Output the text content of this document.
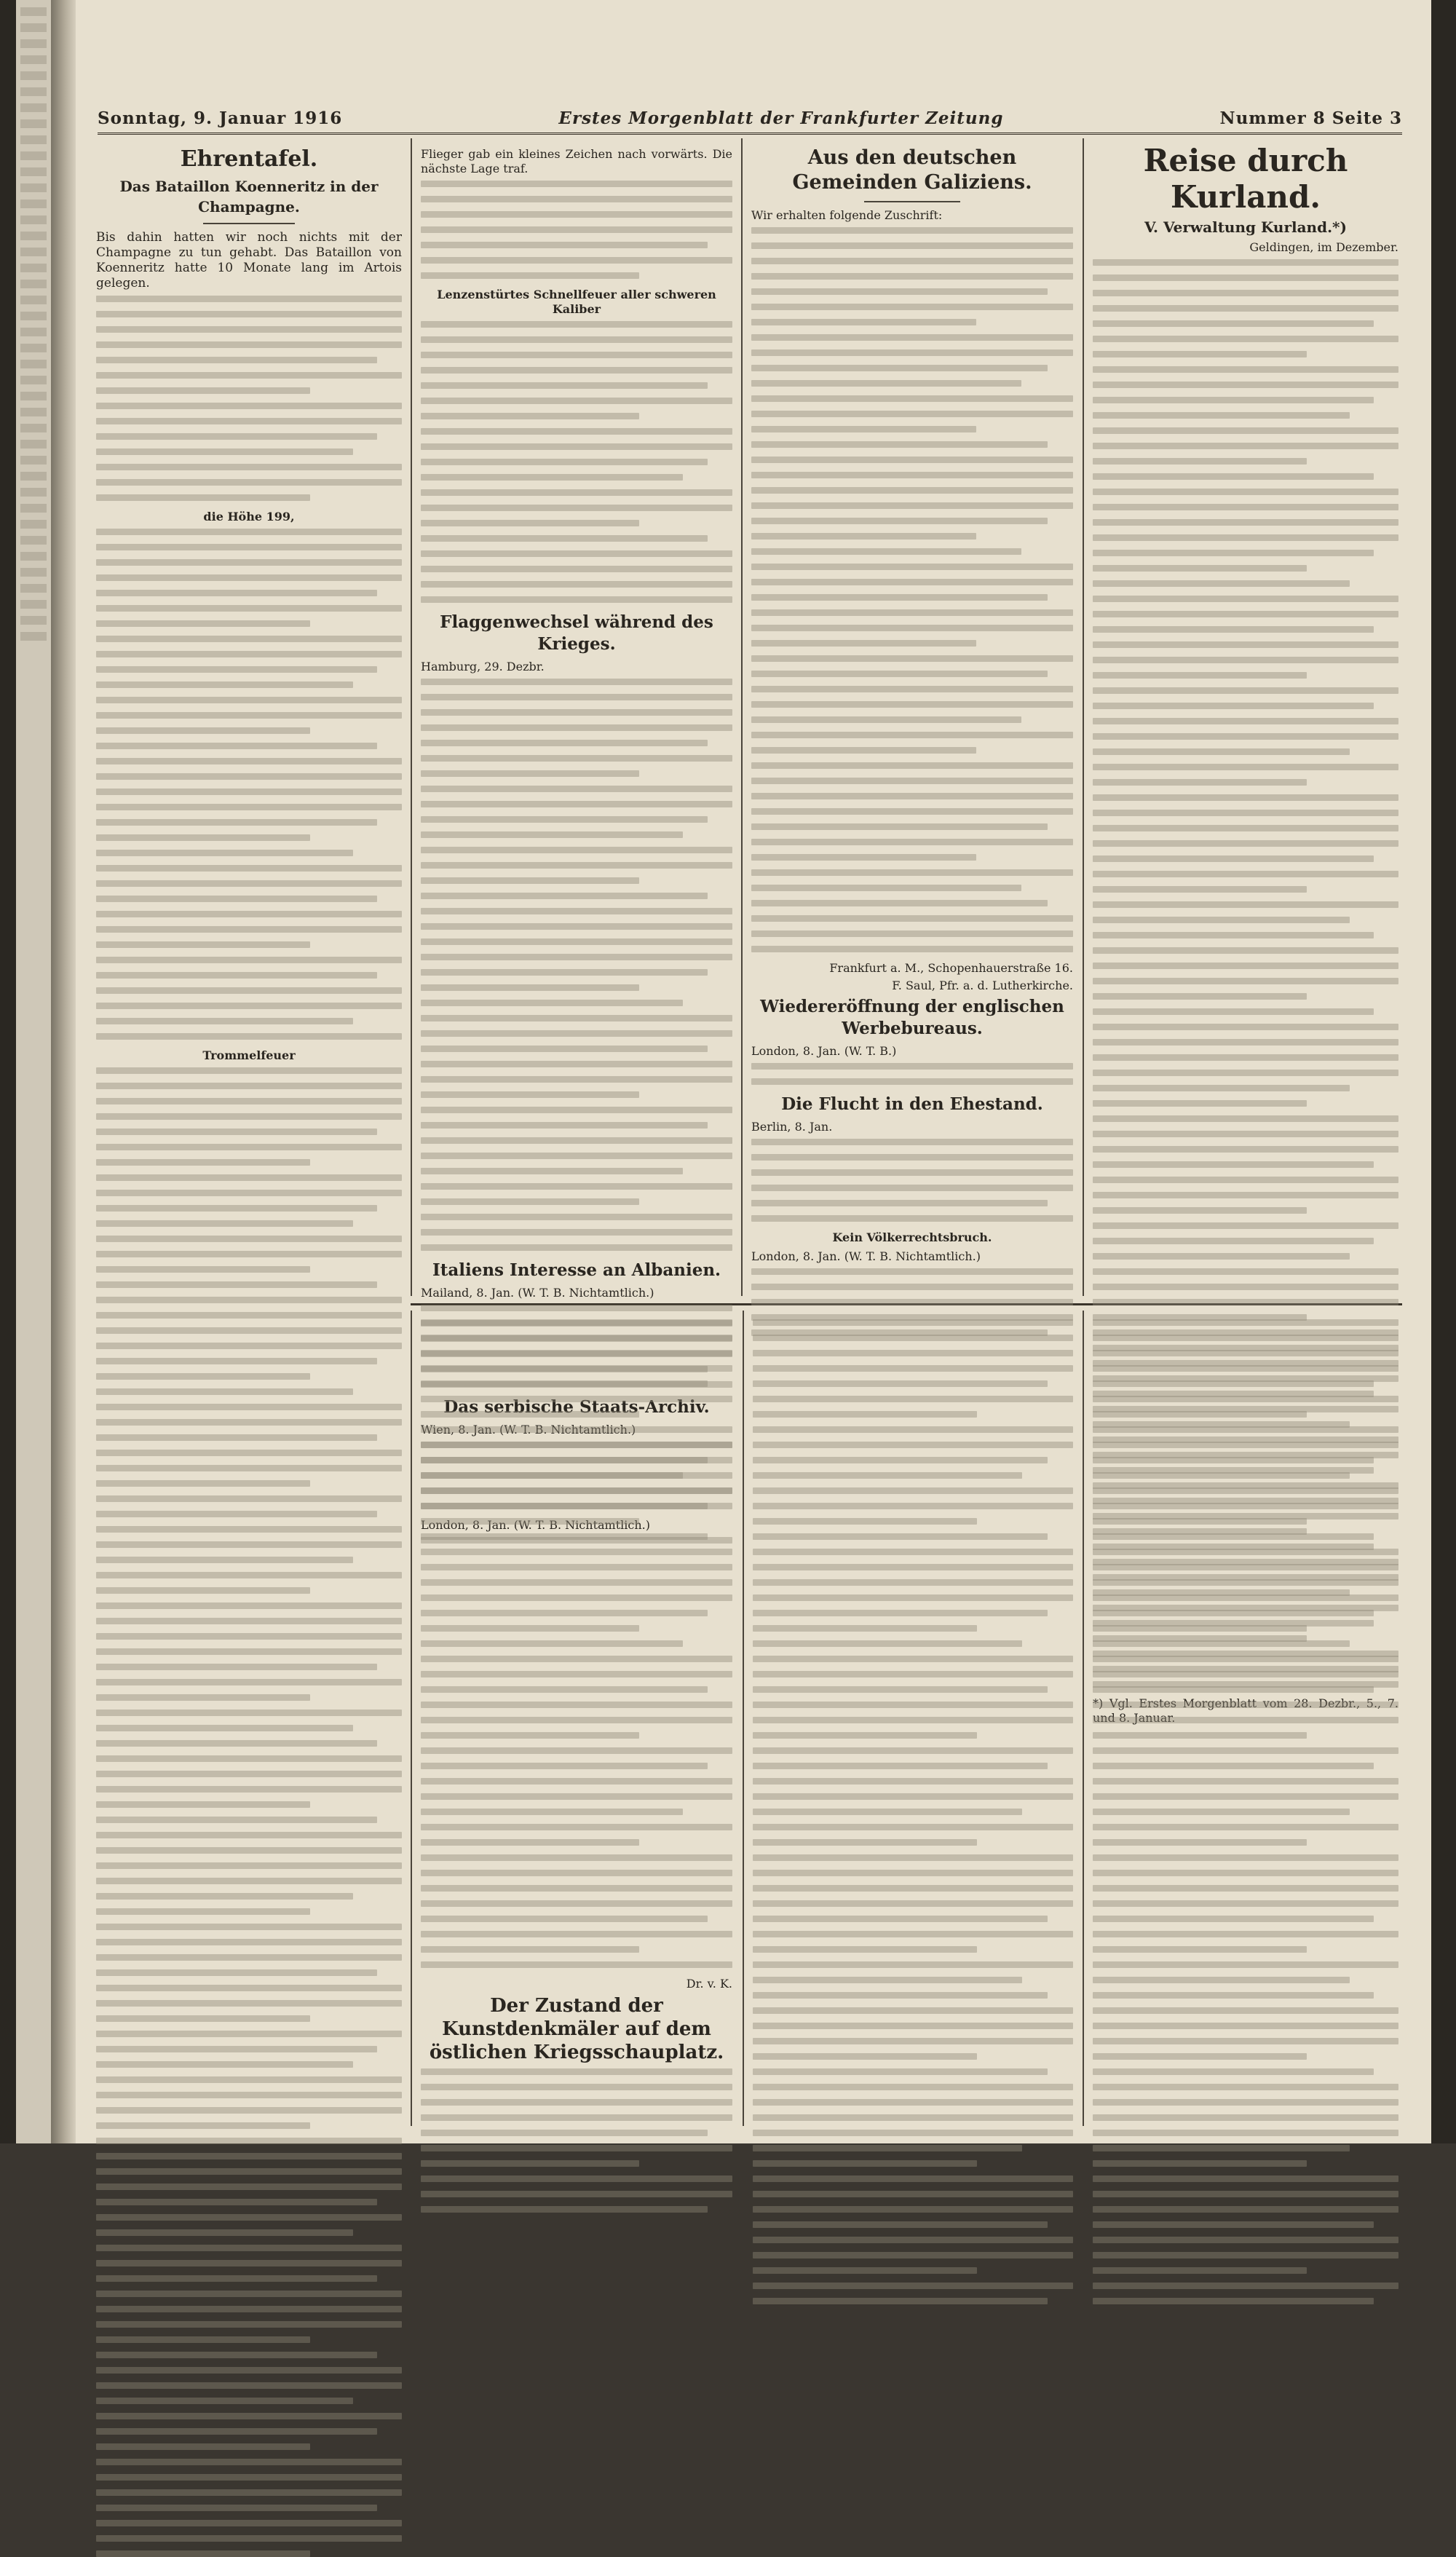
Sonntag, 9. Januar 1916	Erstes Morgenblatt der Frankfurter Zeitung	Nummer 8 Seite 3
Ehrentafel.
Das Bataillon Koenneritz in der Champagne.

Bis dahin hatten wir noch nichts mit der Champagne zu tun gehabt. Das Bataillon von Koenneritz hatte 10 Monate lang im Artois gelegen.

die Höhe 199,
Trommelfeuer

Flieger gab ein kleines Zeichen nach vorwärts. Die nächste Lage traf.

Lenzenstürtes Schnellfeuer aller schweren Kaliber
Flaggenwechsel während des Krieges.

Hamburg, 29. Dezbr.

Italiens Interesse an Albanien.

Mailand, 8. Jan. (W. T. B. Nichtamtlich.)

Das serbische Staats-Archiv.

Wien, 8. Jan. (W. T. B. Nichtamtlich.)

London, 8. Jan. (W. T. B. Nichtamtlich.)

Aus den deutschen Gemeinden Galiziens.

Wir erhalten folgende Zuschrift:

Frankfurt a. M., Schopenhauerstraße 16.

F. Saul, Pfr. a. d. Lutherkirche.

Wiedereröffnung der englischen Werbebureaus.

London, 8. Jan. (W. T. B.)

Die Flucht in den Ehestand.

Berlin, 8. Jan.

Kein Völkerrechtsbruch.

London, 8. Jan. (W. T. B. Nichtamtlich.)

Reise durch Kurland.
V. Verwaltung Kurland.*)

Geldingen, im Dezember.

*) Vgl. Erstes Morgenblatt vom 28. Dezbr., 5., 7. und 8. Januar.

Dr. v. K.

Der Zustand der Kunstdenkmäler auf dem östlichen Kriegsschauplatz.
